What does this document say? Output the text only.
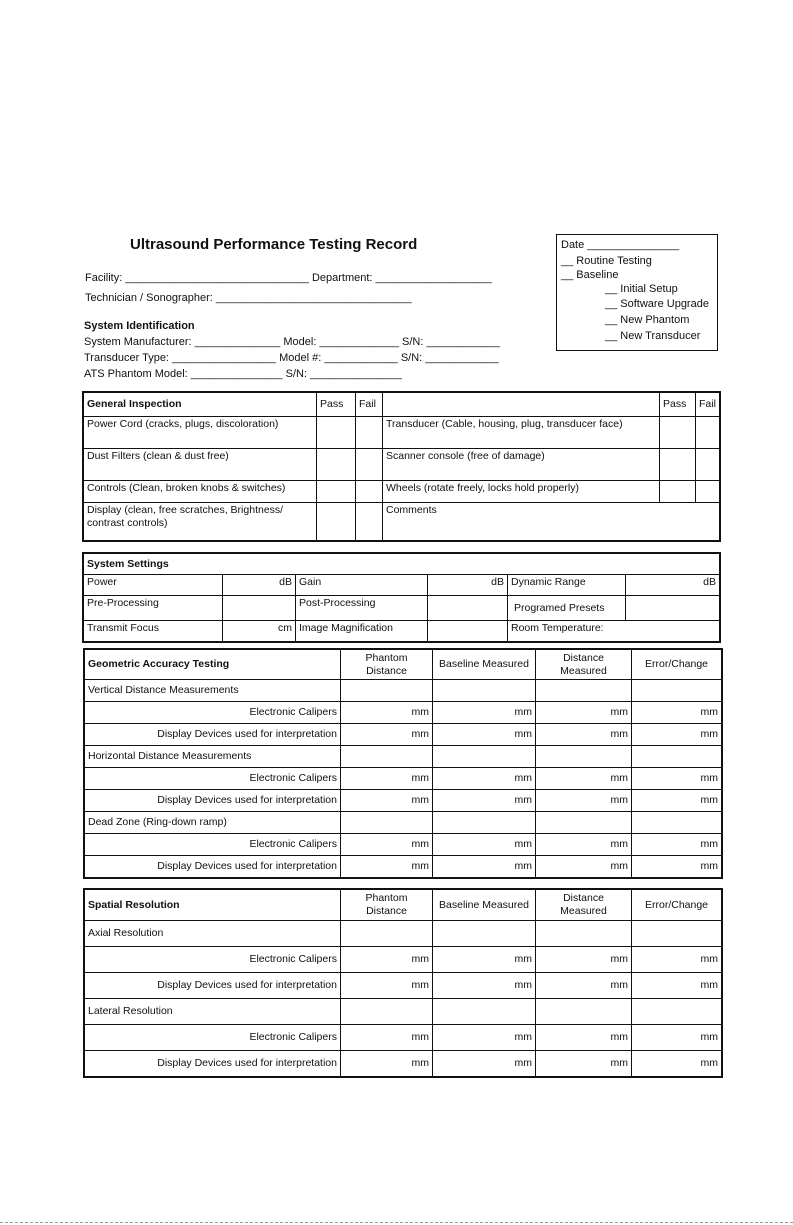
Ultrasound Performance Testing Record
Facility: ______________________________ Department: ___________________
Technician / Sonographer: ________________________________
Date _______________
__ Routine Testing
__ Baseline
__ Initial Setup
__ Software Upgrade
__ New Phantom
__ New Transducer
System Identification
System Manufacturer: ______________ Model: _____________ S/N: ____________
Transducer Type: _________________ Model #: ____________ S/N: ____________
ATS Phantom Model: _______________ S/N: _______________
General Inspection	Pass	Fail		Pass	Fail
Power Cord (cracks, plugs, discoloration)			Transducer (Cable, housing, plug, transducer face)		
Dust Filters (clean & dust free)			Scanner console (free of damage)		
Controls (Clean, broken knobs & switches)			Wheels (rotate freely, locks hold properly)		
Display (clean, free scratches, Brightness/ contrast controls)			Comments		
System Settings					
Power	dB	Gain	dB	Dynamic Range	dB
Pre-Processing		Post-Processing		Programed Presets	
Transmit Focus	cm	Image Magnification		Room Temperature:	
Geometric Accuracy Testing	Phantom Distance	Baseline Measured	Distance Measured	Error/Change
Vertical Distance Measurements				
Electronic Calipers	mm	mm	mm	mm
Display Devices used for interpretation	mm	mm	mm	mm
Horizontal Distance Measurements				
Electronic Calipers	mm	mm	mm	mm
Display Devices used for interpretation	mm	mm	mm	mm
Dead Zone (Ring-down ramp)				
Electronic Calipers	mm	mm	mm	mm
Display Devices used for interpretation	mm	mm	mm	mm
Spatial Resolution	Phantom Distance	Baseline Measured	Distance Measured	Error/Change
Axial Resolution				
Electronic Calipers	mm	mm	mm	mm
Display Devices used for interpretation	mm	mm	mm	mm
Lateral Resolution				
Electronic Calipers	mm	mm	mm	mm
Display Devices used for interpretation	mm	mm	mm	mm
